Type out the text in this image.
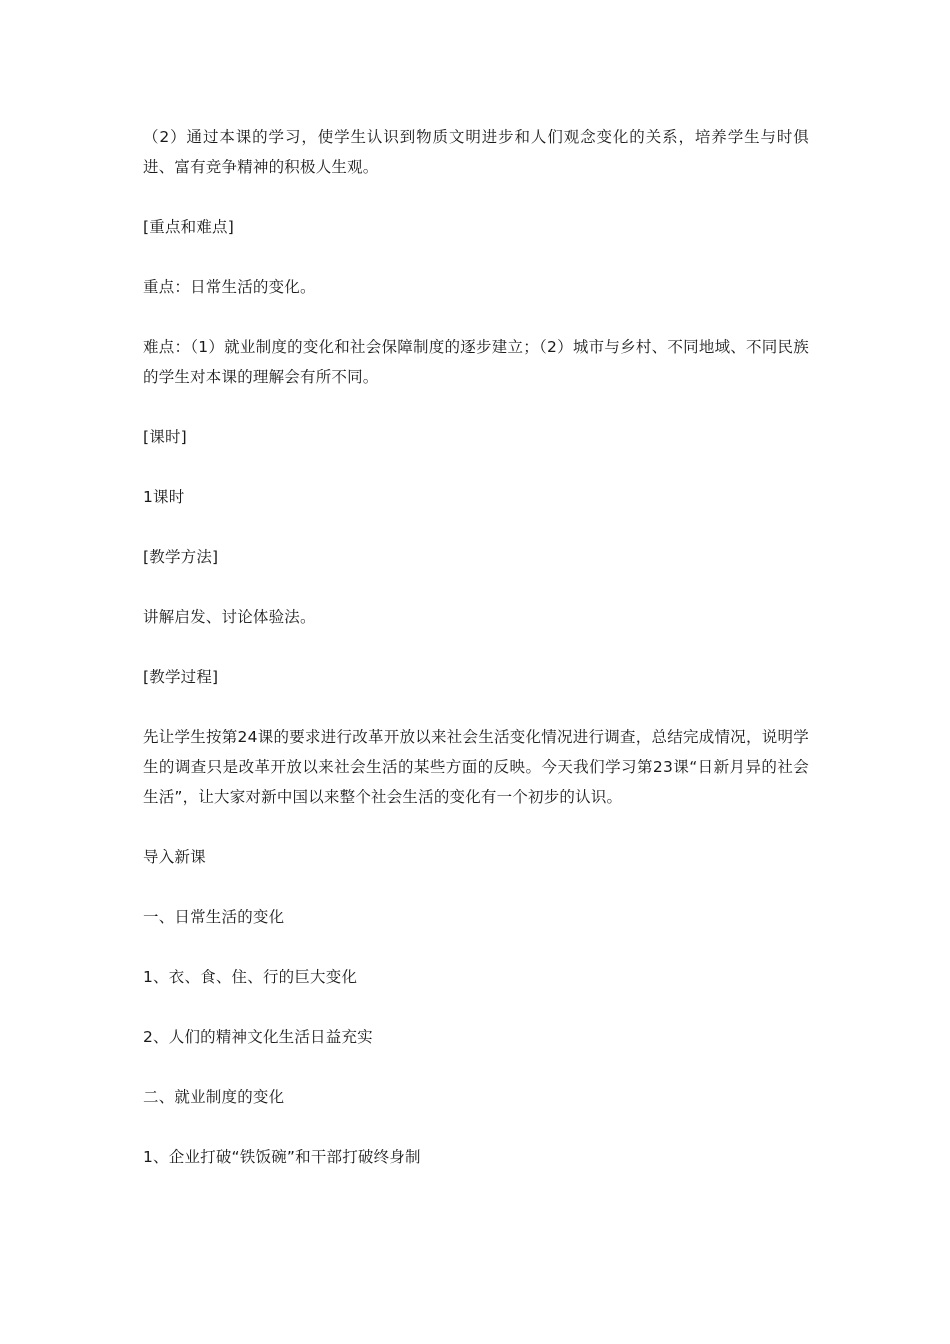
（2）通过本课的学习，使学生认识到物质文明进步和人们观念变化的关系，培养学生与时俱进、富有竞争精神的积极人生观。

[重点和难点]

重点：日常生活的变化。

难点：（1）就业制度的变化和社会保障制度的逐步建立；（2）城市与乡村、不同地域、不同民族的学生对本课的理解会有所不同。

[课时]

1课时

[教学方法]

讲解启发、讨论体验法。

[教学过程]

先让学生按第24课的要求进行改革开放以来社会生活变化情况进行调查，总结完成情况，说明学生的调查只是改革开放以来社会生活的某些方面的反映。今天我们学习第23课“日新月异的社会生活”，让大家对新中国以来整个社会生活的变化有一个初步的认识。

导入新课

一、日常生活的变化

1、衣、食、住、行的巨大变化

2、人们的精神文化生活日益充实

二、就业制度的变化

1、企业打破“铁饭碗”和干部打破终身制
